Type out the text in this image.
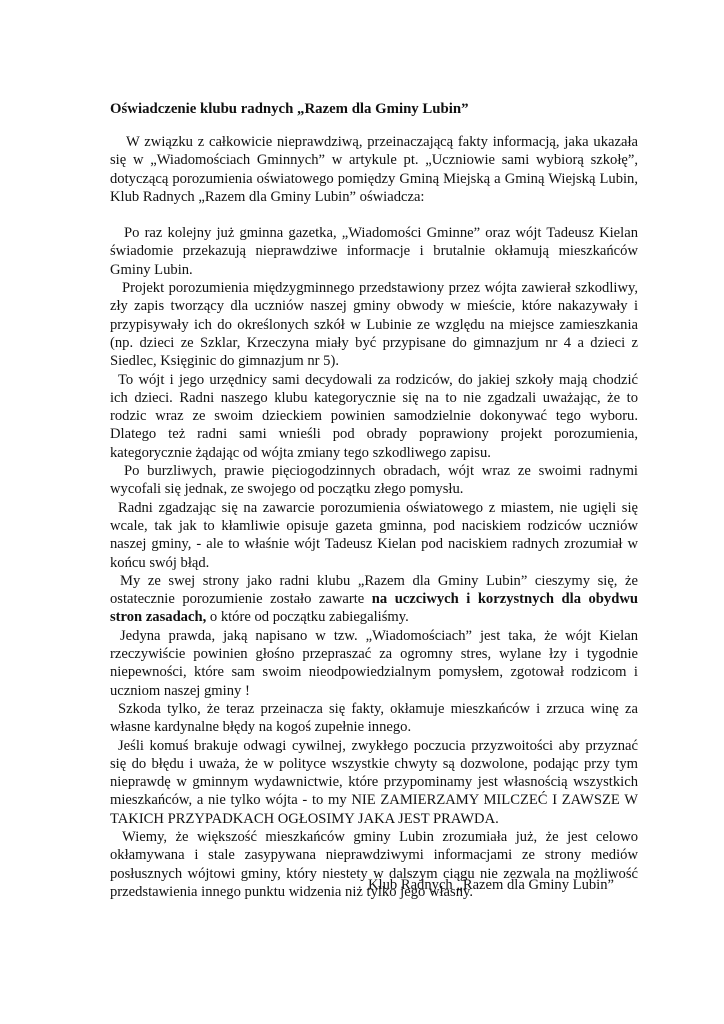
Oświadczenie klubu radnych „Razem dla Gminy Lubin”

W związku z całkowicie nieprawdziwą, przeinaczającą fakty informacją, jaka ukazała się w „Wiadomościach Gminnych” w artykule pt. „Uczniowie sami wybiorą szkołę”, dotyczącą porozumienia oświatowego pomiędzy Gminą Miejską a Gminą Wiejską Lubin, Klub Radnych „Razem dla Gminy Lubin” oświadcza:

Po raz kolejny już gminna gazetka, „Wiadomości Gminne” oraz wójt Tadeusz Kielan świadomie przekazują nieprawdziwe informacje i brutalnie okłamują mieszkańców Gminy Lubin.

Projekt porozumienia międzygminnego przedstawiony przez wójta zawierał szkodliwy, zły zapis tworzący dla uczniów naszej gminy obwody w mieście, które nakazywały i przypisywały ich do określonych szkół w Lubinie ze względu na miejsce zamieszkania (np. dzieci ze Szklar, Krzeczyna miały być przypisane do gimnazjum nr 4 a dzieci z Siedlec, Księginic do gimnazjum nr 5).

To wójt i jego urzędnicy sami decydowali za rodziców, do jakiej szkoły mają chodzić ich dzieci. Radni naszego klubu kategorycznie się na to nie zgadzali uważając, że to rodzic wraz ze swoim dzieckiem powinien samodzielnie dokonywać tego wyboru. Dlatego też radni sami wnieśli pod obrady poprawiony projekt porozumienia, kategorycznie żądając od wójta zmiany tego szkodliwego zapisu.

Po burzliwych, prawie pięciogodzinnych obradach, wójt wraz ze swoimi radnymi wycofali się jednak, ze swojego od początku złego pomysłu.

Radni zgadzając się na zawarcie porozumienia oświatowego z miastem, nie ugięli się wcale, tak jak to kłamliwie opisuje gazeta gminna, pod naciskiem rodziców uczniów naszej gminy, - ale to właśnie wójt Tadeusz Kielan pod naciskiem radnych zrozumiał w końcu swój błąd.

My ze swej strony jako radni klubu „Razem dla Gminy Lubin” cieszymy się, że ostatecznie porozumienie zostało zawarte na uczciwych i korzystnych dla obydwu stron zasadach, o które od początku zabiegaliśmy.

Jedyna prawda, jaką napisano w tzw. „Wiadomościach” jest taka, że wójt Kielan rzeczywiście powinien głośno przepraszać za ogromny stres, wylane łzy i tygodnie niepewności, które sam swoim nieodpowiedzialnym pomysłem, zgotował rodzicom i uczniom naszej gminy !

Szkoda tylko, że teraz przeinacza się fakty, okłamuje mieszkańców i zrzuca winę za własne kardynalne błędy na kogoś zupełnie innego.

Jeśli komuś brakuje odwagi cywilnej, zwykłego poczucia przyzwoitości aby przyznać się do błędu i uważa, że w polityce wszystkie chwyty są dozwolone, podając przy tym nieprawdę w gminnym wydawnictwie, które przypominamy jest własnością wszystkich mieszkańców, a nie tylko wójta - to my NIE ZAMIERZAMY MILCZEĆ I ZAWSZE W TAKICH PRZYPADKACH OGŁOSIMY JAKA JEST PRAWDA.

Wiemy, że większość mieszkańców gminy Lubin zrozumiała już, że jest celowo okłamywana i stale zasypywana nieprawdziwymi informacjami ze strony mediów posłusznych wójtowi gminy, który niestety w dalszym ciągu nie zezwala na możliwość przedstawienia innego punktu widzenia niż tylko jego własny.

Klub Radnych „Razem dla Gminy Lubin”
